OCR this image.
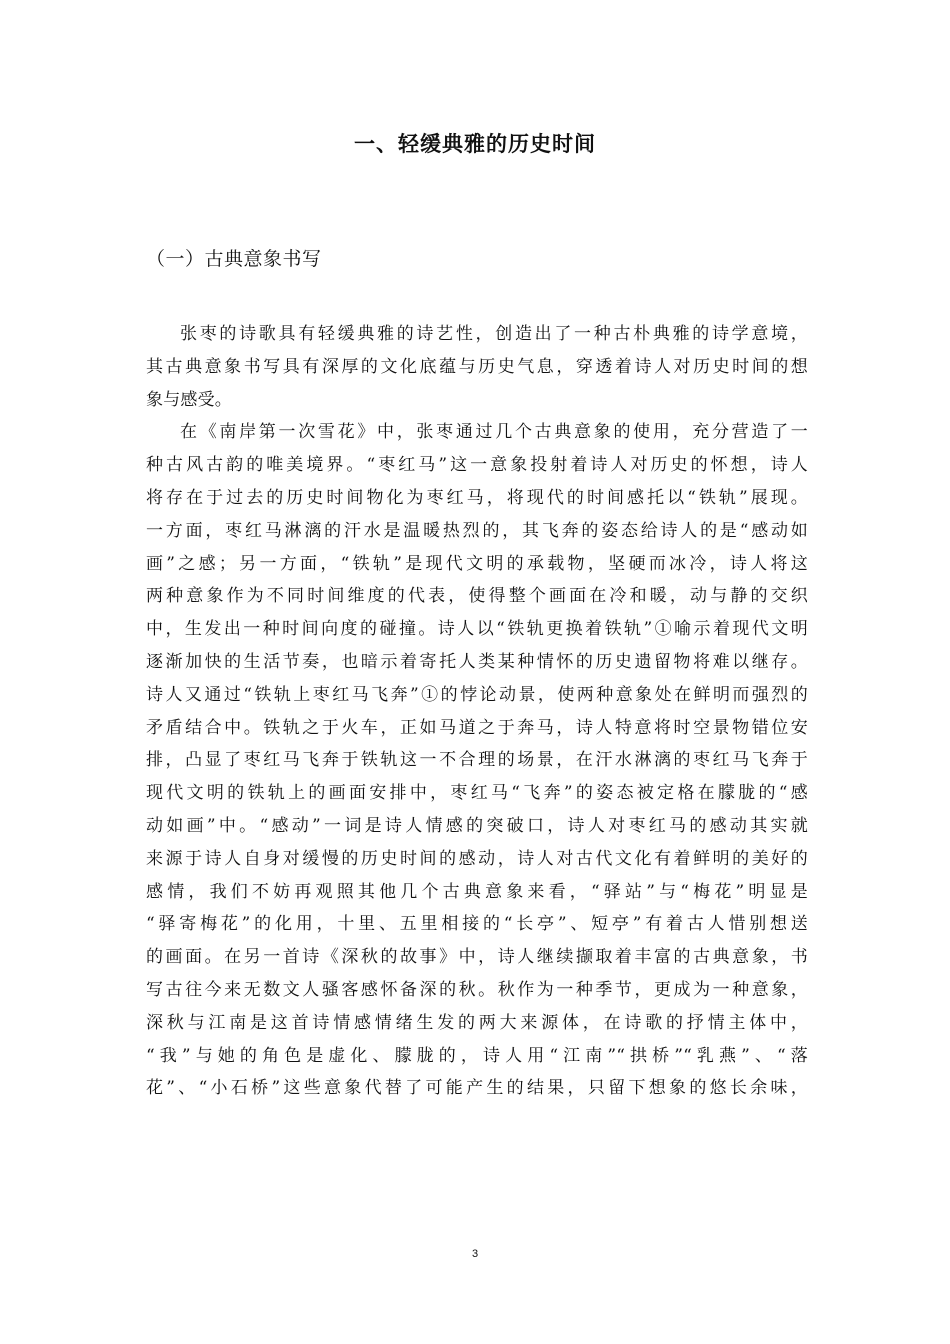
一、轻缓典雅的历史时间
（一）古典意象书写
张枣的诗歌具有轻缓典雅的诗艺性，创造出了一种古朴典雅的诗学意境，
其古典意象书写具有深厚的文化底蕴与历史气息，穿透着诗人对历史时间的想
象与感受。
在《南岸第一次雪花》中，张枣通过几个古典意象的使用，充分营造了一
种古风古韵的唯美境界。“枣红马”这一意象投射着诗人对历史的怀想，诗人
将存在于过去的历史时间物化为枣红马，将现代的时间感托以“铁轨”展现。
一方面，枣红马淋漓的汗水是温暖热烈的，其飞奔的姿态给诗人的是“感动如
画”之感；另一方面，“铁轨”是现代文明的承载物，坚硬而冰冷，诗人将这
两种意象作为不同时间维度的代表，使得整个画面在冷和暖，动与静的交织
中，生发出一种时间向度的碰撞。诗人以“铁轨更换着铁轨”①喻示着现代文明
逐渐加快的生活节奏，也暗示着寄托人类某种情怀的历史遗留物将难以继存。
诗人又通过“铁轨上枣红马飞奔”①的悖论动景，使两种意象处在鲜明而强烈的
矛盾结合中。铁轨之于火车，正如马道之于奔马，诗人特意将时空景物错位安
排，凸显了枣红马飞奔于铁轨这一不合理的场景，在汗水淋漓的枣红马飞奔于
现代文明的铁轨上的画面安排中，枣红马“飞奔”的姿态被定格在朦胧的“感
动如画”中。“感动”一词是诗人情感的突破口，诗人对枣红马的感动其实就
来源于诗人自身对缓慢的历史时间的感动，诗人对古代文化有着鲜明的美好的
感情，我们不妨再观照其他几个古典意象来看，“驿站”与“梅花”明显是
“驿寄梅花”的化用，十里、五里相接的“长亭”、短亭”有着古人惜别想送
的画面。在另一首诗《深秋的故事》中，诗人继续撷取着丰富的古典意象，书
写古往今来无数文人骚客感怀备深的秋。秋作为一种季节，更成为一种意象，
深秋与江南是这首诗情感情绪生发的两大来源体，在诗歌的抒情主体中，
“我”与她的角色是虚化、朦胧的，诗人用“江南”“拱桥”“乳燕”、“落
花”、“小石桥”这些意象代替了可能产生的结果，只留下想象的悠长余味，
3
